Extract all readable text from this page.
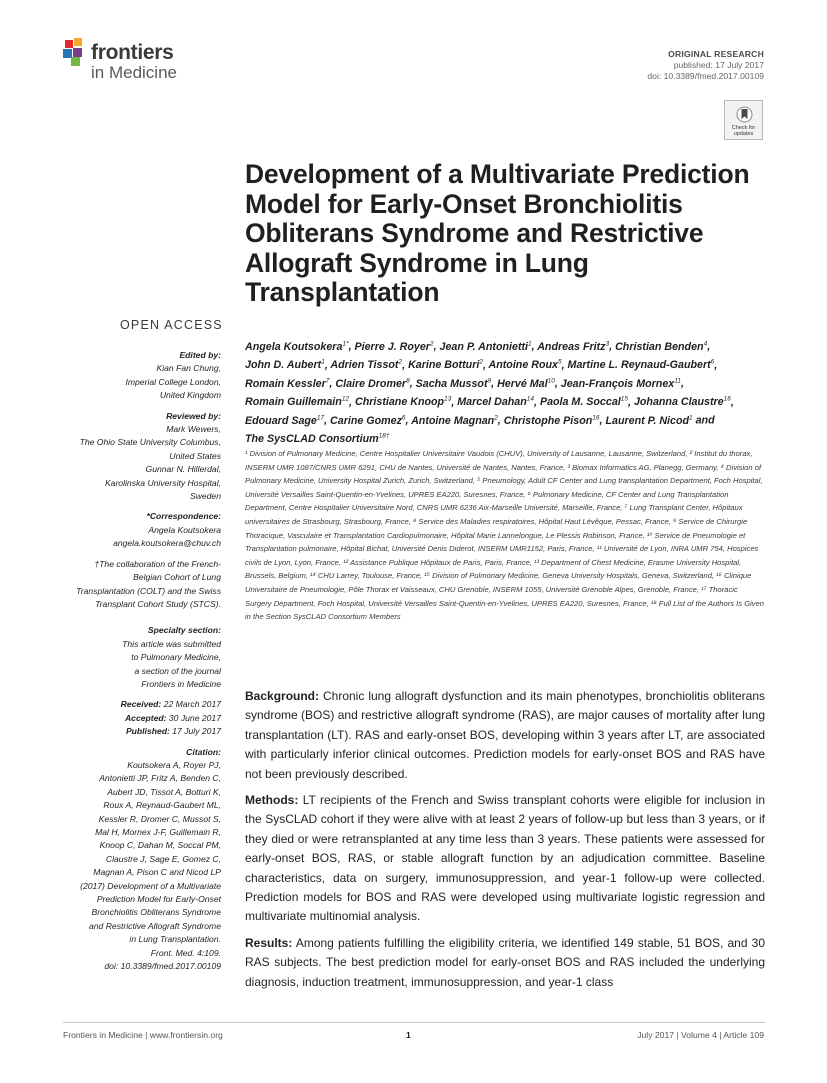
frontiers
in Medicine
ORIGINAL RESEARCH
published: 17 July 2017
doi: 10.3389/fmed.2017.00109
Check for updates
Development of a Multivariate Prediction Model for Early-Onset Bronchiolitis Obliterans Syndrome and Restrictive Allograft Syndrome in Lung Transplantation
OPEN ACCESS
Edited by:
Kian Fan Chung,
Imperial College London,
United Kingdom
Reviewed by:
Mark Wewers,
The Ohio State University Columbus,
United States
Gunnar N. Hillerdal,
Karolinska University Hospital,
Sweden
*Correspondence:
Angela Koutsokera
angela.koutsokera@chuv.ch
†The collaboration of the French-
Belgian Cohort of Lung
Transplantation (COLT) and the Swiss
Transplant Cohort Study (STCS).
Specialty section:
This article was submitted
to Pulmonary Medicine,
a section of the journal
Frontiers in Medicine
Received: 22 March 2017
Accepted: 30 June 2017
Published: 17 July 2017
Citation:
Koutsokera A, Royer PJ,
Antonietti JP, Fritz A, Benden C,
Aubert JD, Tissot A, Botturi K,
Roux A, Reynaud-Gaubert ML,
Kessler R, Dromer C, Mussot S,
Mal H, Mornex J-F, Guillemain R,
Knoop C, Dahan M, Soccal PM,
Claustre J, Sage E, Gomez C,
Magnan A, Pison C and Nicod LP
(2017) Development of a Multivariate
Prediction Model for Early-Onset
Bronchiolitis Obliterans Syndrome
and Restrictive Allograft Syndrome
in Lung Transplantation.
Front. Med. 4:109.
doi: 10.3389/fmed.2017.00109
Angela Koutsokera$^{1*}$, Pierre J. Royer$^2$, Jean P. Antonietti$^1$, Andreas Fritz$^3$, Christian Benden$^4$, John D. Aubert$^1$, Adrien Tissot$^2$, Karine Botturi$^2$, Antoine Roux$^5$, Martine L. Reynaud-Gaubert$^6$, Romain Kessler$^7$, Claire Dromer$^8$, Sacha Mussot$^9$, Hervé Mal$^{10}$, Jean-François Mornex$^{11}$, Romain Guillemain$^{12}$, Christiane Knoop$^{13}$, Marcel Dahan$^{14}$, Paola M. Soccal$^{15}$, Johanna Claustre$^{16}$, Edouard Sage$^{17}$, Carine Gomez$^6$, Antoine Magnan$^2$, Christophe Pison$^{16}$, Laurent P. Nicod$^1$ and The SysCLAD Consortium$^{18\dagger}$
¹ Division of Pulmonary Medicine, Centre Hospitalier Universitaire Vaudois (CHUV), University of Lausanne, Lausanne, Switzerland, ² Institut du thorax, INSERM UMR 1087/CNRS UMR 6291, CHU de Nantes, Université de Nantes, Nantes, France, ³ Biomax Informatics AG, Planegg, Germany, ⁴ Division of Pulmonary Medicine, University Hospital Zurich, Zurich, Switzerland, ⁵ Pneumology, Adult CF Center and Lung transplantation Department, Foch Hospital, Université Versailles Saint-Quentin-en-Yvelines, UPRES EA220, Suresnes, France, ⁶ Pulmonary Medicine, CF Center and Lung Transplantation Department, Centre Hospitalier Universitaire Nord, CNRS UMR 6236 Aix-Marseille Université, Marseille, France, ⁷ Lung Transplant Center, Hôpitaux universitaires de Strasbourg, Strasbourg, France, ⁸ Service des Maladies respiratoires, Hôpital Haut Lévêque, Pessac, France, ⁹ Service de Chirurgie Thoracique, Vasculaire et Transplantation Cardiopulmonaire, Hôpital Marie Lannelongue, Le Plessis Robinson, France, ¹⁰ Service de Pneumologie et Transplantation pulmonaire, Hôpital Bichat, Université Denis Diderot, INSERM UMR1152, Paris, France, ¹¹ Université de Lyon, INRA UMR 754, Hospices civils de Lyon, Lyon, France, ¹² Assistance Publique Hôpitaux de Paris, Paris, France, ¹³ Department of Chest Medicine, Erasme University Hospital, Brussels, Belgium, ¹⁴ CHU Larrey, Toulouse, France, ¹⁵ Division of Pulmonary Medicine, Geneva University Hospitals, Geneva, Switzerland, ¹⁶ Clinique Universitaire de Pneumologie, Pôle Thorax et Vaisseaux, CHU Grenoble, INSERM 1055, Université Grenoble Alpes, Grenoble, France, ¹⁷ Thoracic Surgery Department, Foch Hospital, Université Versailles Saint-Quentin-en-Yvelines, UPRES EA220, Suresnes, France, ¹⁸ Full List of the Authors Is Given in the Section SysCLAD Consortium Members

Background: Chronic lung allograft dysfunction and its main phenotypes, bronchiolitis obliterans syndrome (BOS) and restrictive allograft syndrome (RAS), are major causes of mortality after lung transplantation (LT). RAS and early-onset BOS, developing within 3 years after LT, are associated with particularly inferior clinical outcomes. Prediction models for early-onset BOS and RAS have not been previously described.

Methods: LT recipients of the French and Swiss transplant cohorts were eligible for inclusion in the SysCLAD cohort if they were alive with at least 2 years of follow-up but less than 3 years, or if they died or were retransplanted at any time less than 3 years. These patients were assessed for early-onset BOS, RAS, or stable allograft function by an adjudication committee. Baseline characteristics, data on surgery, immunosuppression, and year-1 follow-up were collected. Prediction models for BOS and RAS were developed using multivariate logistic regression and multivariate multinomial analysis.

Results: Among patients fulfilling the eligibility criteria, we identified 149 stable, 51 BOS, and 30 RAS subjects. The best prediction model for early-onset BOS and RAS included the underlying diagnosis, induction treatment, immunosuppression, and year-1 class

Frontiers in Medicine | www.frontiersin.org	1	July 2017 | Volume 4 | Article 109
